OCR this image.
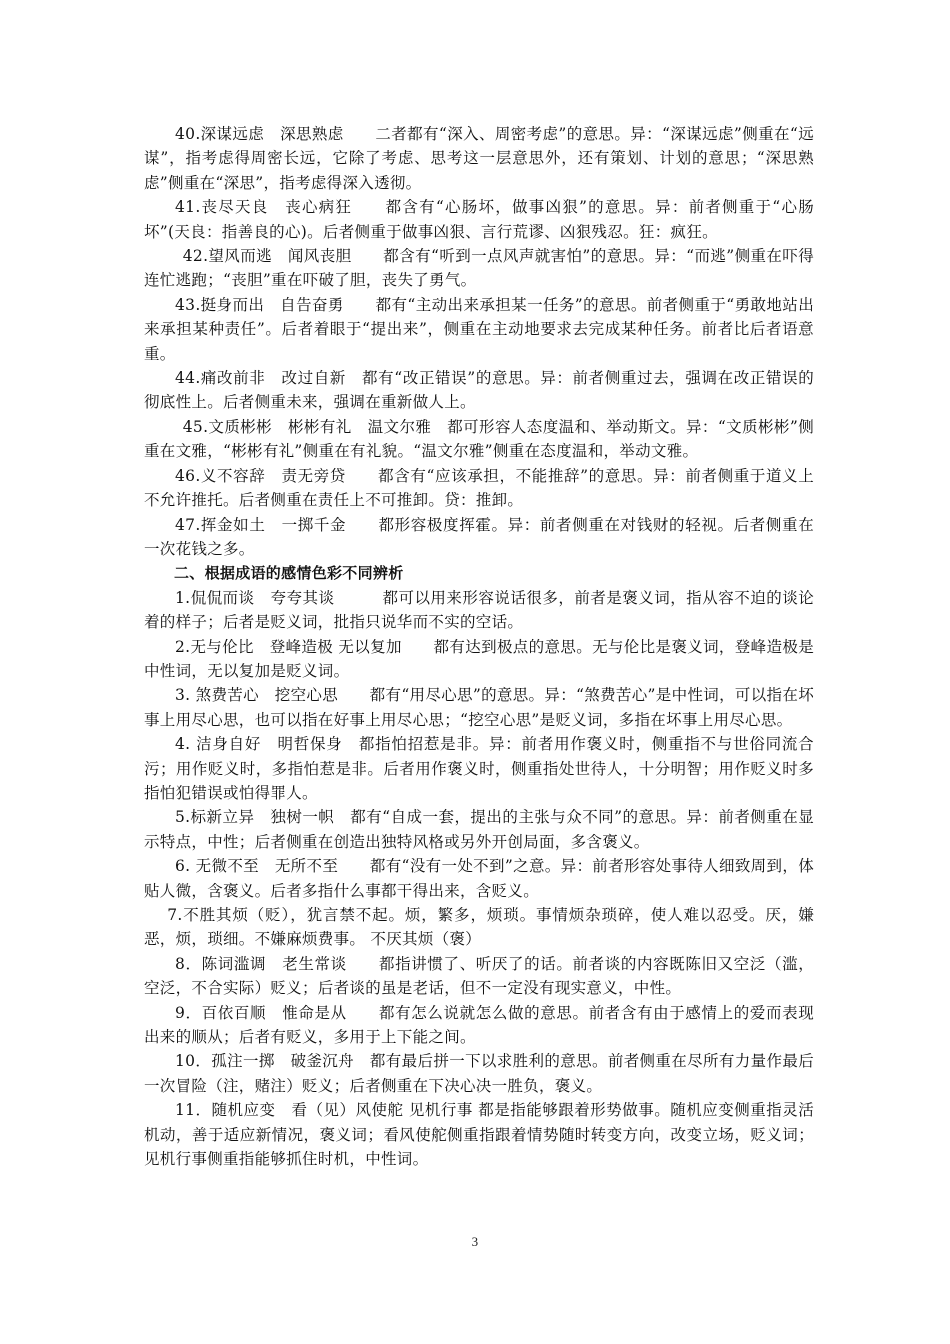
40.深谋远虑　深思熟虑　　二者都有“深入、周密考虑”的意思。异：“深谋远虑”侧重在“远谋”，指考虑得周密长远，它除了考虑、思考这一层意思外，还有策划、计划的意思；“深思熟虑”侧重在“深思”，指考虑得深入透彻。

41.丧尽天良　丧心病狂　　都含有“心肠坏，做事凶狠”的意思。异：前者侧重于“心肠坏”(天良：指善良的心)。后者侧重于做事凶狠、言行荒谬、凶狠残忍。狂：疯狂。

42.望风而逃　闻风丧胆　　都含有“听到一点风声就害怕”的意思。异：“而逃”侧重在吓得连忙逃跑；“丧胆”重在吓破了胆，丧失了勇气。

43.挺身而出　自告奋勇　　都有“主动出来承担某一任务”的意思。前者侧重于“勇敢地站出来承担某种责任”。后者着眼于“提出来”，侧重在主动地要求去完成某种任务。前者比后者语意重。

44.痛改前非　改过自新　都有“改正错误”的意思。异：前者侧重过去，强调在改正错误的彻底性上。后者侧重未来，强调在重新做人上。

45.文质彬彬　彬彬有礼　温文尔雅　都可形容人态度温和、举动斯文。异：“文质彬彬”侧重在文雅，“彬彬有礼”侧重在有礼貌。“温文尔雅”侧重在态度温和，举动文雅。

46.义不容辞　责无旁贷　　都含有“应该承担，不能推辞”的意思。异：前者侧重于道义上不允许推托。后者侧重在责任上不可推卸。贷：推卸。

47.挥金如土　一掷千金　　都形容极度挥霍。异：前者侧重在对钱财的轻视。后者侧重在一次花钱之多。

二、根据成语的感情色彩不同辨析

1.侃侃而谈　夸夸其谈　　　都可以用来形容说话很多，前者是褒义词，指从容不迫的谈论着的样子；后者是贬义词，批指只说华而不实的空话。

2.无与伦比　登峰造极 无以复加　　都有达到极点的意思。无与伦比是褒义词，登峰造极是中性词，无以复加是贬义词。

3. 煞费苦心　挖空心思　　都有“用尽心思”的意思。异：“煞费苦心”是中性词，可以指在坏事上用尽心思，也可以指在好事上用尽心思；“挖空心思”是贬义词，多指在坏事上用尽心思。

4. 洁身自好　明哲保身　都指怕招惹是非。异：前者用作褒义时，侧重指不与世俗同流合污；用作贬义时，多指怕惹是非。后者用作褒义时，侧重指处世待人，十分明智；用作贬义时多指怕犯错误或怕得罪人。

5.标新立异　独树一帜　都有“自成一套，提出的主张与众不同”的意思。异：前者侧重在显示特点，中性；后者侧重在创造出独特风格或另外开创局面，多含褒义。

6. 无微不至　无所不至　　都有“没有一处不到”之意。异：前者形容处事待人细致周到，体贴人微，含褒义。后者多指什么事都干得出来，含贬义。

7.不胜其烦（贬），犹言禁不起。烦，繁多，烦琐。事情烦杂琐碎，使人难以忍受。厌，嫌恶，烦，琐细。不嫌麻烦费事。 不厌其烦（褒）

8．陈词滥调　老生常谈　　都指讲惯了、听厌了的话。前者谈的内容既陈旧又空泛（滥，空泛，不合实际）贬义；后者谈的虽是老话，但不一定没有现实意义，中性。

9．百依百顺　惟命是从　　都有怎么说就怎么做的意思。前者含有由于感情上的爱而表现出来的顺从；后者有贬义，多用于上下能之间。

10．孤注一掷　破釜沉舟　都有最后拼一下以求胜利的意思。前者侧重在尽所有力量作最后一次冒险（注，赌注）贬义；后者侧重在下决心决一胜负，褒义。

11．随机应变　看（见）风使舵 见机行事 都是指能够跟着形势做事。随机应变侧重指灵活机动，善于适应新情况，褒义词；看风使舵侧重指跟着情势随时转变方向，改变立场，贬义词；见机行事侧重指能够抓住时机，中性词。

3
